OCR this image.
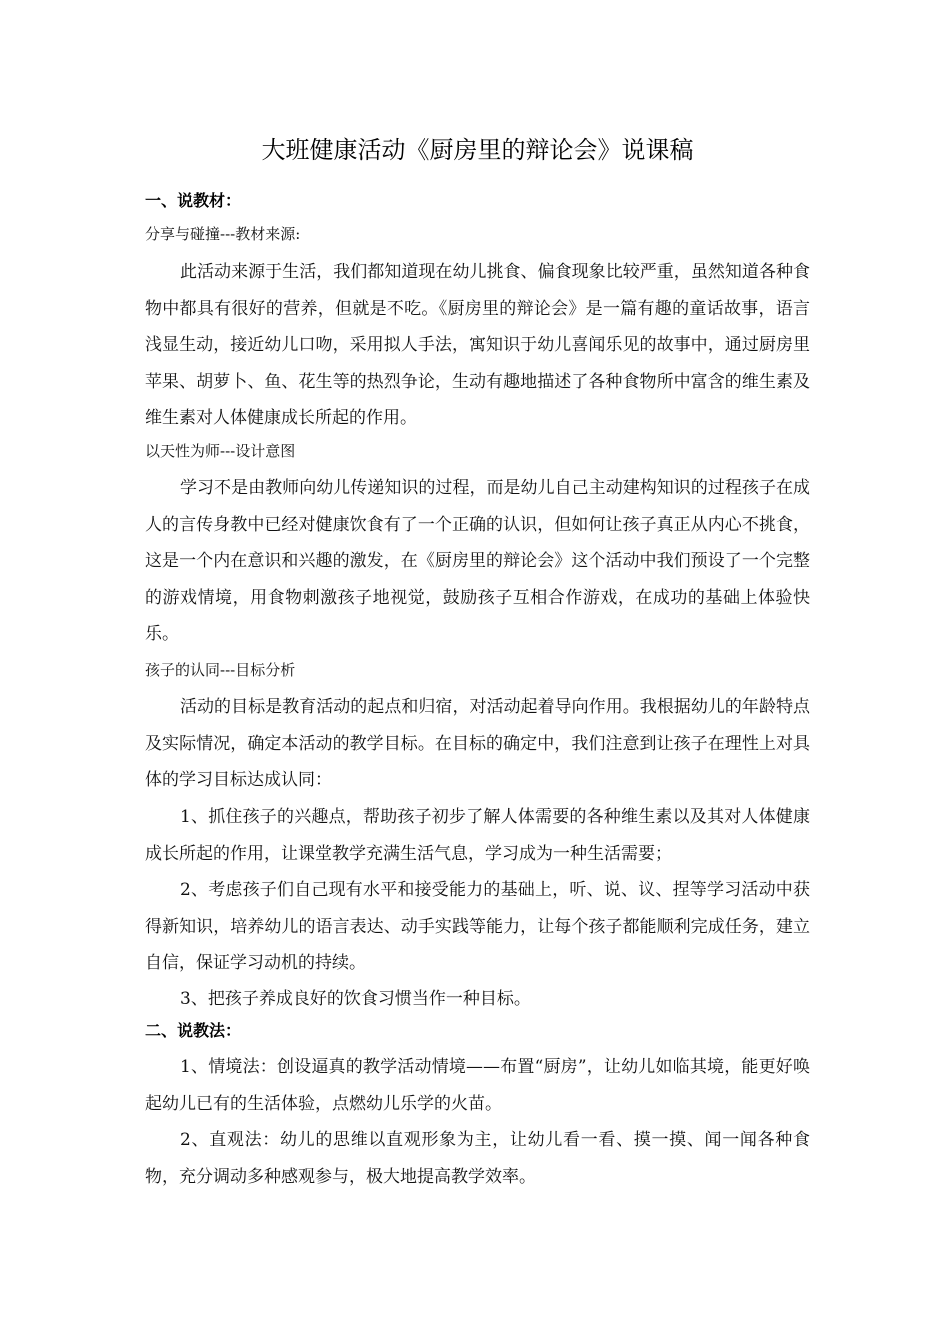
大班健康活动《厨房里的辩论会》说课稿
一、说教材：
分享与碰撞---教材来源:

此活动来源于生活，我们都知道现在幼儿挑食、偏食现象比较严重，虽然知道各种食物中都具有很好的营养，但就是不吃。《厨房里的辩论会》是一篇有趣的童话故事，语言浅显生动，接近幼儿口吻，采用拟人手法，寓知识于幼儿喜闻乐见的故事中，通过厨房里苹果、胡萝卜、鱼、花生等的热烈争论，生动有趣地描述了各种食物所中富含的维生素及维生素对人体健康成长所起的作用。

以天性为师---设计意图

学习不是由教师向幼儿传递知识的过程，而是幼儿自己主动建构知识的过程孩子在成人的言传身教中已经对健康饮食有了一个正确的认识，但如何让孩子真正从内心不挑食，这是一个内在意识和兴趣的激发，在《厨房里的辩论会》这个活动中我们预设了一个完整的游戏情境，用食物刺激孩子地视觉，鼓励孩子互相合作游戏，在成功的基础上体验快乐。

孩子的认同---目标分析

活动的目标是教育活动的起点和归宿，对活动起着导向作用。我根据幼儿的年龄特点及实际情况，确定本活动的教学目标。在目标的确定中，我们注意到让孩子在理性上对具体的学习目标达成认同：

1、抓住孩子的兴趣点，帮助孩子初步了解人体需要的各种维生素以及其对人体健康成长所起的作用，让课堂教学充满生活气息，学习成为一种生活需要；

2、考虑孩子们自己现有水平和接受能力的基础上，听、说、议、捏等学习活动中获得新知识，培养幼儿的语言表达、动手实践等能力，让每个孩子都能顺利完成任务，建立自信，保证学习动机的持续。

3、把孩子养成良好的饮食习惯当作一种目标。

二、说教法：

1、情境法：创设逼真的教学活动情境——布置“厨房”，让幼儿如临其境，能更好唤起幼儿已有的生活体验，点燃幼儿乐学的火苗。

2、直观法：幼儿的思维以直观形象为主，让幼儿看一看、摸一摸、闻一闻各种食物，充分调动多种感观参与，极大地提高教学效率。
